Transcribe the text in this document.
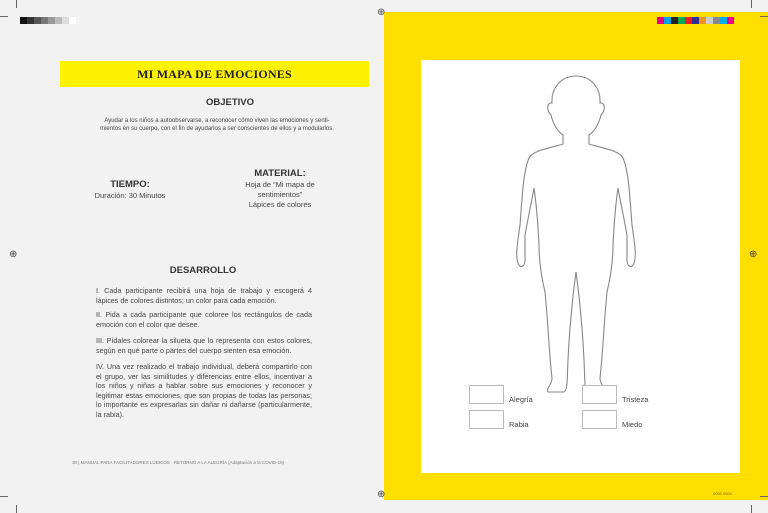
MI MAPA DE EMOCIONES
OBJETIVO
Ayudar a los niños a autoobservarse, a reconocer cómo viven las emociones y senti-
mientos en su cuerpo, con el fin de ayudarlos a ser conscientes de ellos y a modularlos.
TIEMPO:
Duración: 30 Minutos
MATERIAL:
Hoja de “Mi mapa de
sentimientos”
Lápices de colores
DESARROLLO
I. Cada participante recibirá una hoja de trabajo y escogerá 4 lápices de colores distintos; un color para cada emoción.
II. Pida a cada participante que coloree los rectángulos de cada emoción con el color que desee.
III. Pídales colorear la silueta que lo representa con estos colores, según en qué parte o partes del cuerpo sienten esa emoción.
IV. Una vez realizado el trabajo individual, deberá compartirlo con el grupo, ver las similitudes y diferencias entre ellos, incentivar a los niños y niñas a hablar sobre sus emociones y reconocer y legitimar estas emociones, que son propias de todas las personas; lo importante es expresarlas sin dañar ni dañarse (particularmente, la rabia).
30 | MANUAL PARA FACILITADORES LÚDICOS · RETORNO A LA ALEGRÍA (Adaptación a la COVID-19)
Alegría	Tristeza
Rabia	Miedo
0000 0000
⊕	⊕
⊕
⊕
